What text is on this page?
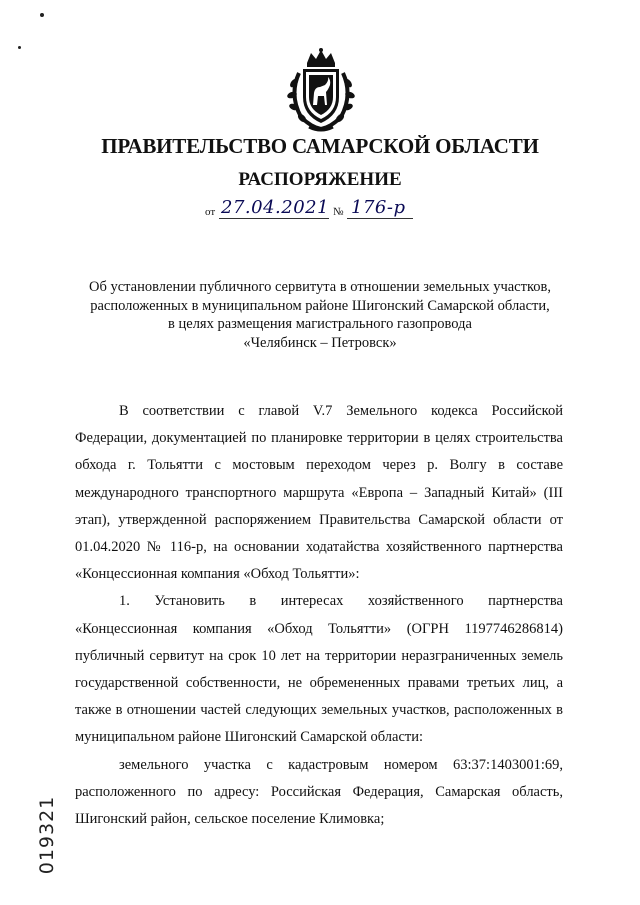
ПРАВИТЕЛЬСТВО САМАРСКОЙ ОБЛАСТИ
РАСПОРЯЖЕНИЕ
от 27.04.2021 № 176-р
Об установлении публичного сервитута в отношении земельных участков,
расположенных в муниципальном районе Шигонский Самарской области,
в целях размещения магистрального газопровода
«Челябинск – Петровск»

В соответствии с главой V.7 Земельного кодекса Российской Федерации, документацией по планировке территории в целях строительства обхода г. Тольятти с мостовым переходом через р. Волгу в составе международного транспортного маршрута «Европа – Западный Китай» (III этап), утвержденной распоряжением Правительства Самарской области от 01.04.2020 № 116-р, на основании ходатайства хозяйственного партнерства «Концессионная компания «Обход Тольятти»:

1. Установить в интересах хозяйственного партнерства «Концессионная компания «Обход Тольятти» (ОГРН 1197746286814) публичный сервитут на срок 10 лет на территории неразграниченных земель государственной собственности, не обремененных правами третьих лиц, а также в отношении частей следующих земельных участков, расположенных в муниципальном районе Шигонский Самарской области:

земельного участка с кадастровым номером 63:37:1403001:69, расположенного по адресу: Российская Федерация, Самарская область, Шигонский район, сельское поселение Климовка;

019321
